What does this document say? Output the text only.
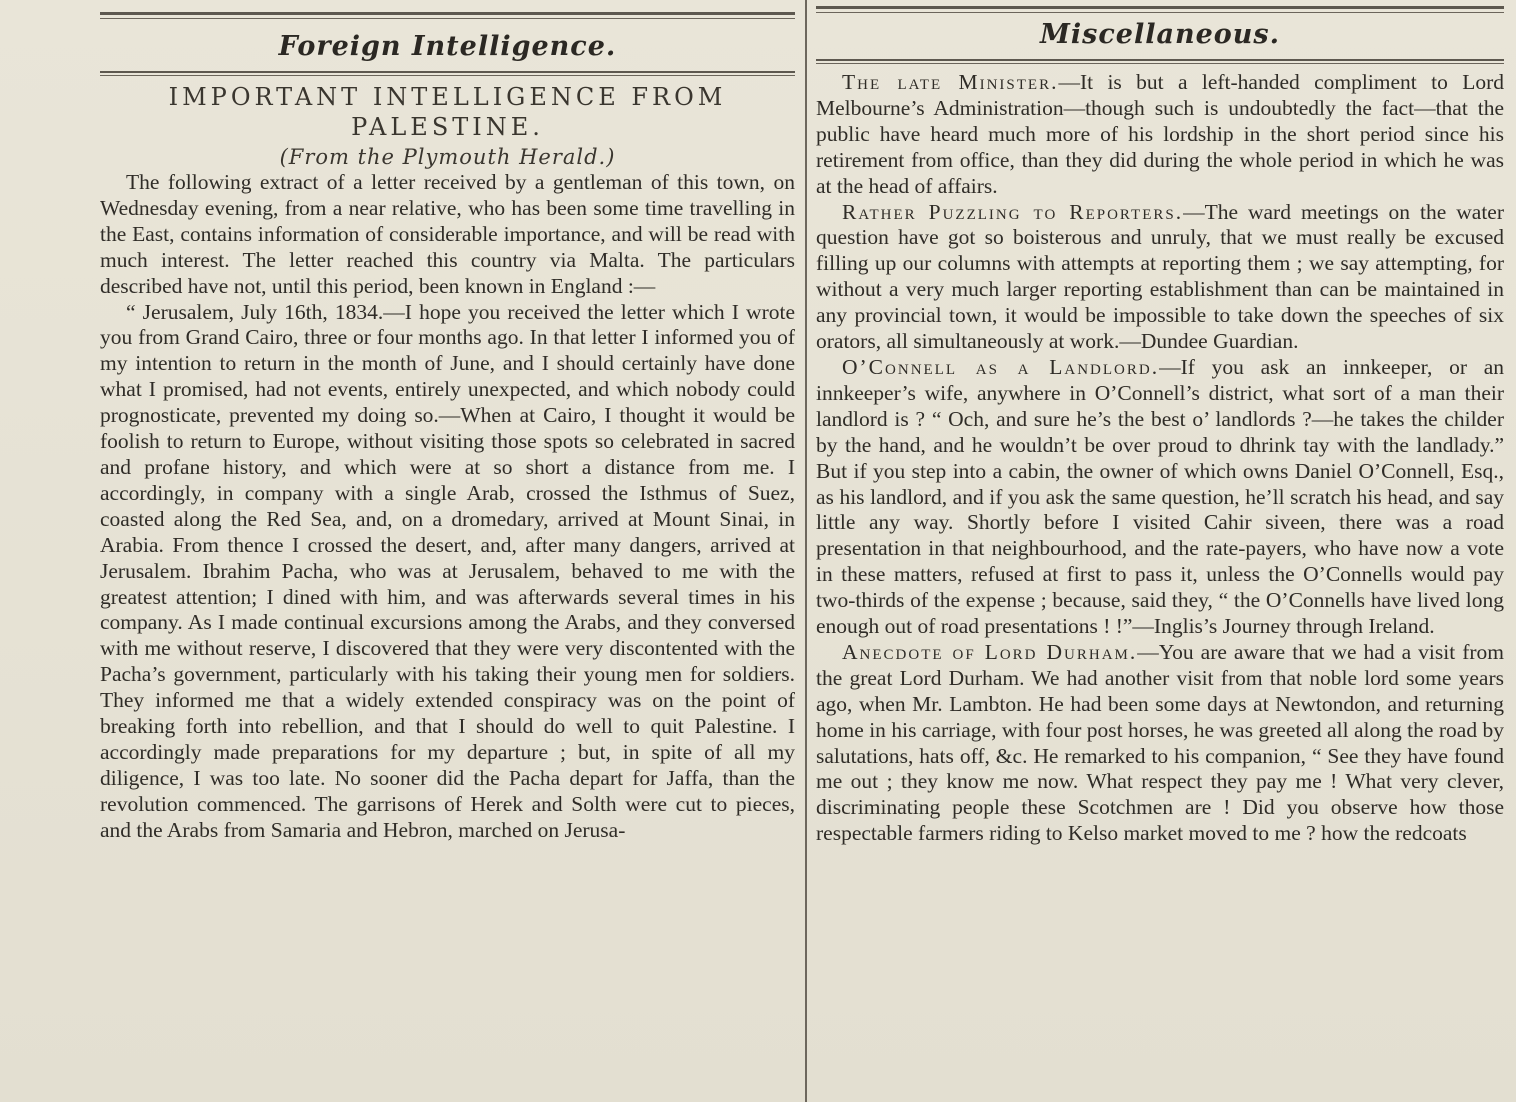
Foreign Intelligence.
IMPORTANT INTELLIGENCE FROM
PALESTINE.
(From the Plymouth Herald.)

The following extract of a letter received by a gentleman of this town, on Wednesday evening, from a near relative, who has been some time travelling in the East, contains information of considerable importance, and will be read with much interest. The letter reached this country via Malta. The particulars described have not, until this period, been known in England :—

“ Jerusalem, July 16th, 1834.—I hope you received the letter which I wrote you from Grand Cairo, three or four months ago. In that letter I informed you of my intention to return in the month of June, and I should certainly have done what I promised, had not events, entirely unexpected, and which nobody could prognosticate, prevented my doing so.—When at Cairo, I thought it would be foolish to return to Europe, without visiting those spots so celebrated in sacred and profane history, and which were at so short a distance from me. I accordingly, in company with a single Arab, crossed the Isthmus of Suez, coasted along the Red Sea, and, on a dromedary, arrived at Mount Sinai, in Arabia. From thence I crossed the desert, and, after many dangers, arrived at Jerusalem. Ibrahim Pacha, who was at Jerusalem, behaved to me with the greatest attention; I dined with him, and was afterwards several times in his company. As I made continual excursions among the Arabs, and they conversed with me without reserve, I discovered that they were very discontented with the Pacha’s government, particularly with his taking their young men for soldiers. They informed me that a widely extended conspiracy was on the point of breaking forth into rebellion, and that I should do well to quit Palestine. I accordingly made preparations for my departure ; but, in spite of all my diligence, I was too late. No sooner did the Pacha depart for Jaffa, than the revolution commenced. The garrisons of Herek and Solth were cut to pieces, and the Arabs from Samaria and Hebron, marched on Jerusa-

Miscellaneous.

The late Minister.—It is but a left-handed compliment to Lord Melbourne’s Administration—though such is undoubtedly the fact—that the public have heard much more of his lordship in the short period since his retirement from office, than they did during the whole period in which he was at the head of affairs.

Rather Puzzling to Reporters.—The ward meetings on the water question have got so boisterous and unruly, that we must really be excused filling up our columns with attempts at reporting them ; we say attempting, for without a very much larger reporting establishment than can be maintained in any provincial town, it would be impossible to take down the speeches of six orators, all simultaneously at work.—Dundee Guardian.

O’Connell as a Landlord.—If you ask an innkeeper, or an innkeeper’s wife, anywhere in O’Connell’s district, what sort of a man their landlord is ? “ Och, and sure he’s the best o’ landlords ?—he takes the childer by the hand, and he wouldn’t be over proud to dhrink tay with the landlady.” But if you step into a cabin, the owner of which owns Daniel O’Connell, Esq., as his landlord, and if you ask the same question, he’ll scratch his head, and say little any way. Shortly before I visited Cahir siveen, there was a road presentation in that neighbourhood, and the rate-payers, who have now a vote in these matters, refused at first to pass it, unless the O’Connells would pay two-thirds of the expense ; because, said they, “ the O’Connells have lived long enough out of road presentations ! !”—Inglis’s Journey through Ireland.

Anecdote of Lord Durham.—You are aware that we had a visit from the great Lord Durham. We had another visit from that noble lord some years ago, when Mr. Lambton. He had been some days at Newtondon, and returning home in his carriage, with four post horses, he was greeted all along the road by salutations, hats off, &c. He remarked to his companion, “ See they have found me out ; they know me now. What respect they pay me ! What very clever, discriminating people these Scotchmen are ! Did you observe how those respectable farmers riding to Kelso market moved to me ? how the redcoats
